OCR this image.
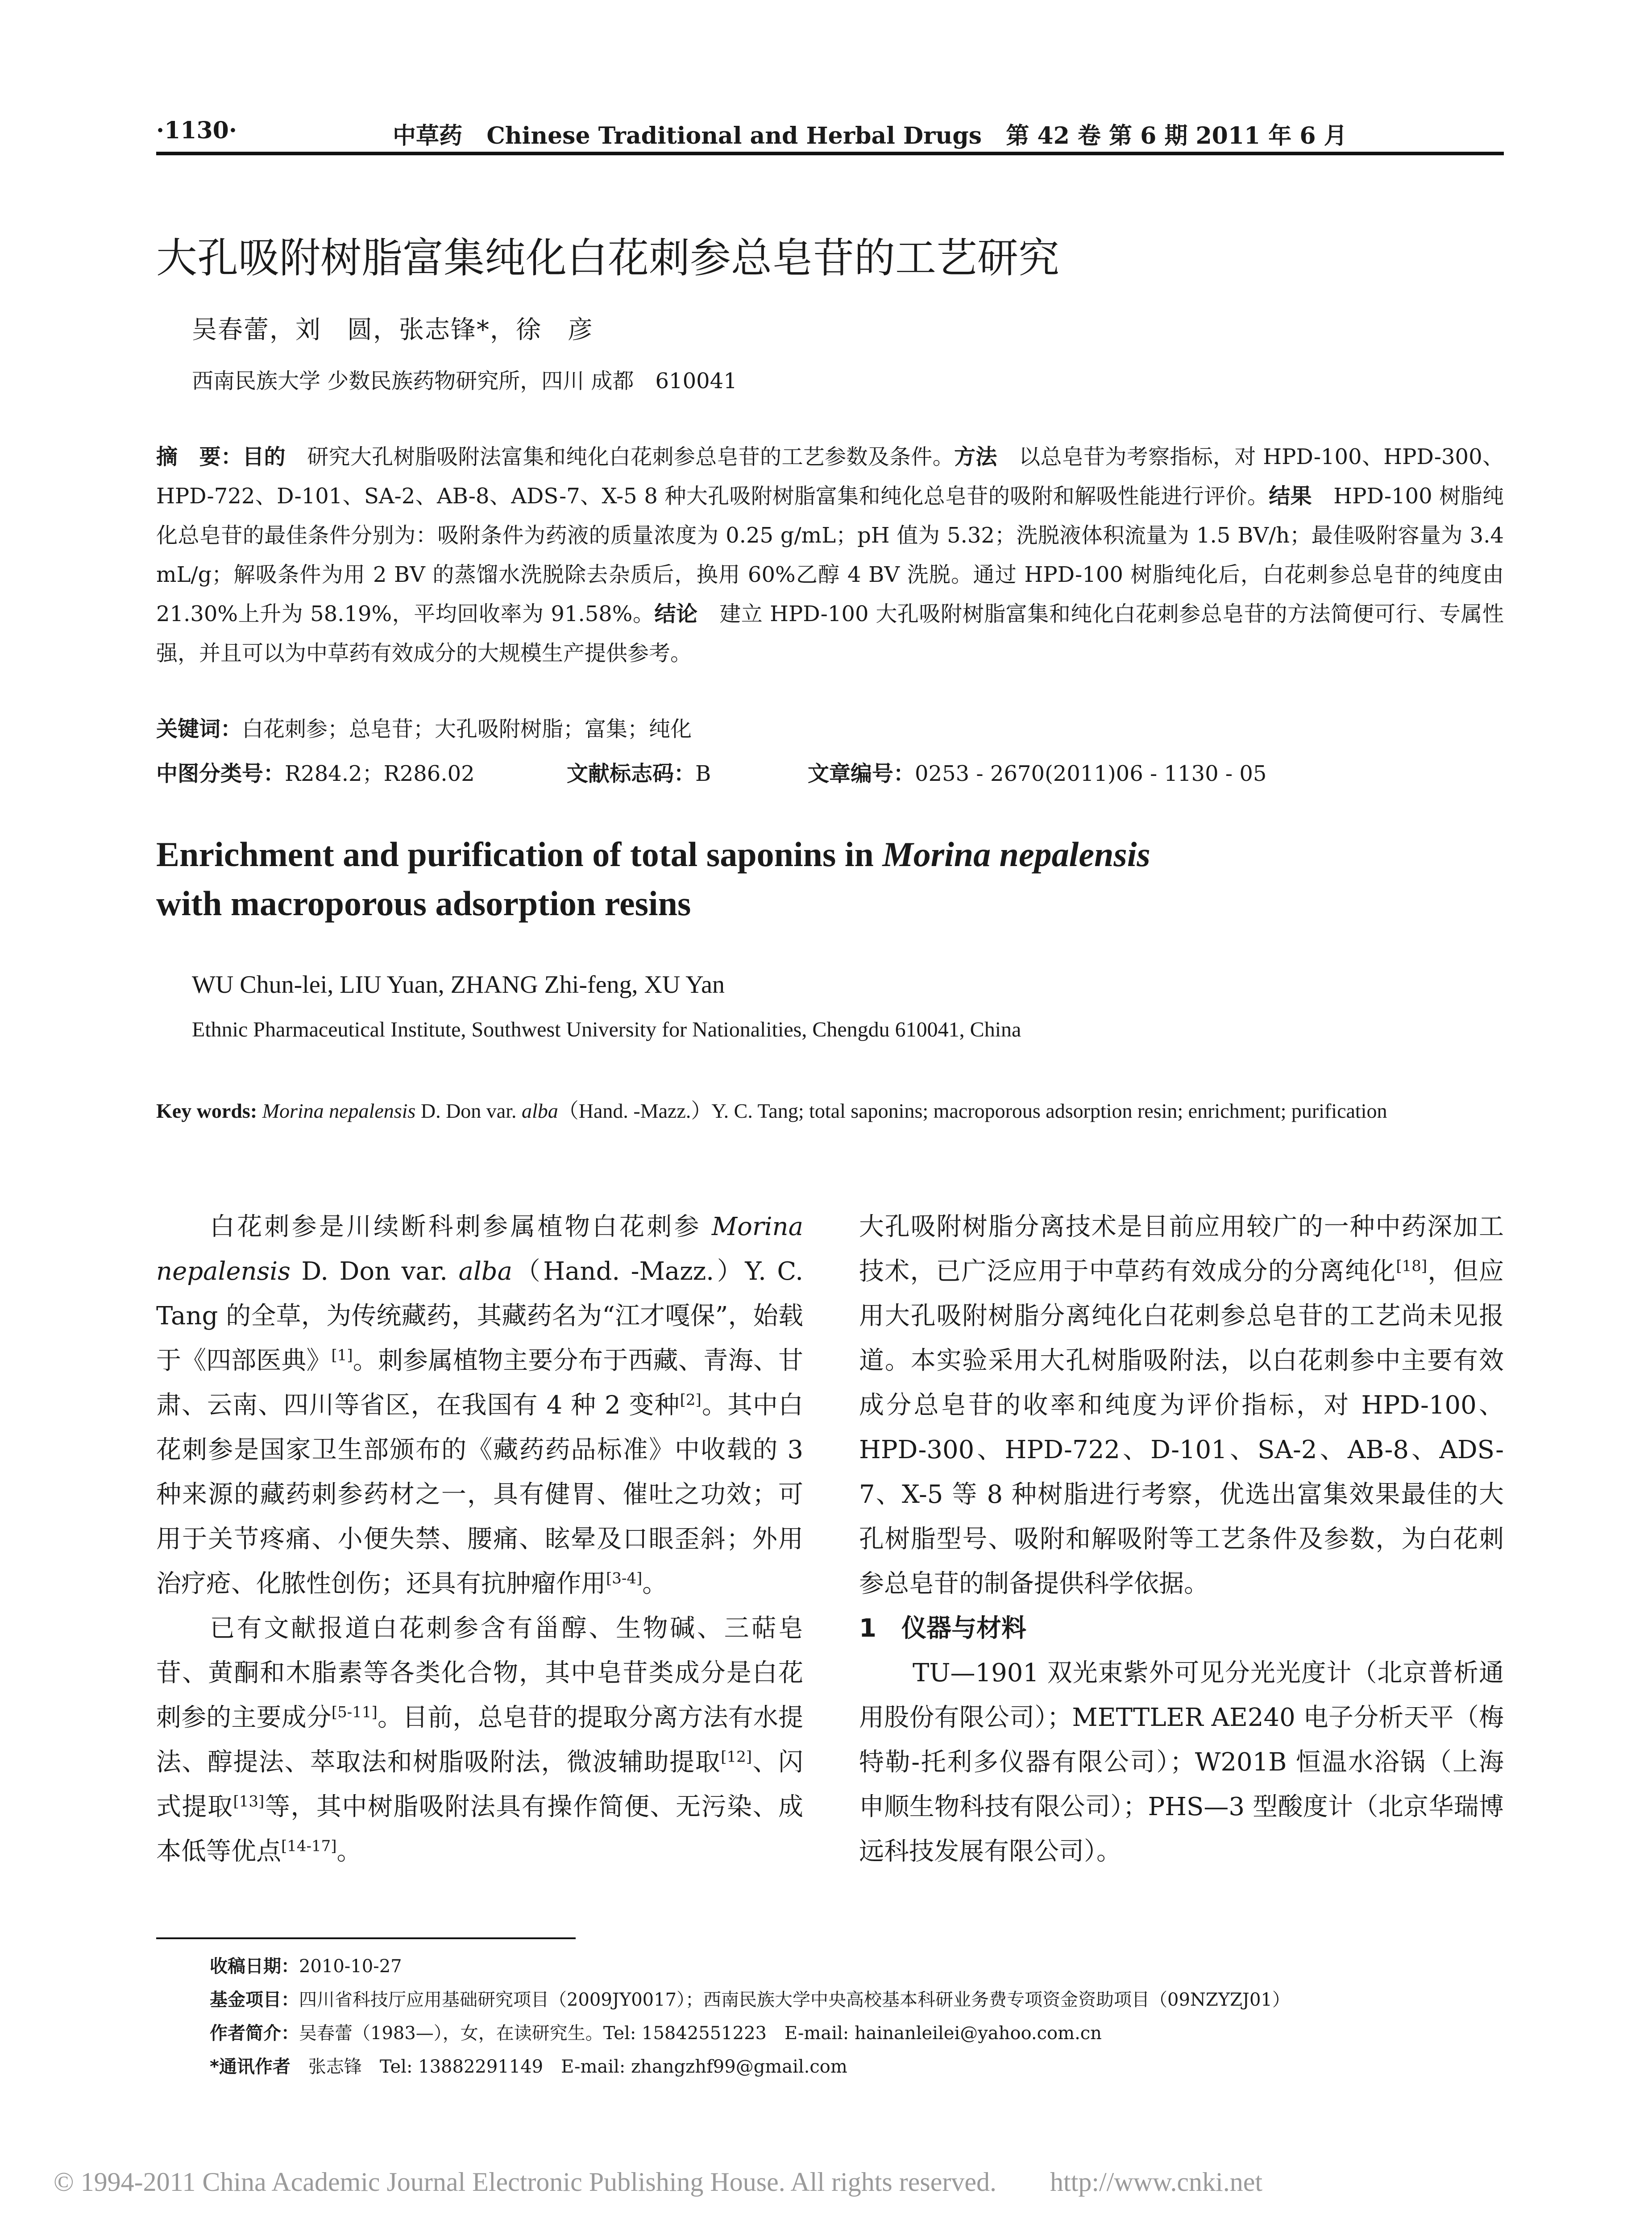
·1130·	中草药 Chinese Traditional and Herbal Drugs 第 42 卷 第 6 期 2011 年 6 月
大孔吸附树脂富集纯化白花刺参总皂苷的工艺研究
吴春蕾，刘　圆，张志锋*，徐　彦
西南民族大学 少数民族药物研究所，四川 成都　610041
摘　要：目的　研究大孔树脂吸附法富集和纯化白花刺参总皂苷的工艺参数及条件。方法　以总皂苷为考察指标，对 HPD-100、HPD-300、HPD-722、D-101、SA-2、AB-8、ADS-7、X-5 8 种大孔吸附树脂富集和纯化总皂苷的吸附和解吸性能进行评价。结果　HPD-100 树脂纯化总皂苷的最佳条件分别为：吸附条件为药液的质量浓度为 0.25 g/mL；pH 值为 5.32；洗脱液体积流量为 1.5 BV/h；最佳吸附容量为 3.4 mL/g；解吸条件为用 2 BV 的蒸馏水洗脱除去杂质后，换用 60%乙醇 4 BV 洗脱。通过 HPD-100 树脂纯化后，白花刺参总皂苷的纯度由 21.30%上升为 58.19%，平均回收率为 91.58%。结论　建立 HPD-100 大孔吸附树脂富集和纯化白花刺参总皂苷的方法简便可行、专属性强，并且可以为中草药有效成分的大规模生产提供参考。
关键词：白花刺参；总皂苷；大孔吸附树脂；富集；纯化
中图分类号：R284.2；R286.02	文献标志码：B	文章编号：0253 - 2670(2011)06 - 1130 - 05
Enrichment and purification of total saponins in Morina nepalensis
with macroporous adsorption resins
WU Chun-lei, LIU Yuan, ZHANG Zhi-feng, XU Yan
Ethnic Pharmaceutical Institute, Southwest University for Nationalities, Chengdu 610041, China
Key words: Morina nepalensis D. Don var. alba（Hand. -Mazz.）Y. C. Tang; total saponins; macroporous adsorption resin; enrichment; purification

白花刺参是川续断科刺参属植物白花刺参 Morina nepalensis D. Don var. alba（Hand. -Mazz.）Y. C. Tang 的全草，为传统藏药，其藏药名为“江才嘎保”，始载于《四部医典》[1]。刺参属植物主要分布于西藏、青海、甘肃、云南、四川等省区，在我国有 4 种 2 变种[2]。其中白花刺参是国家卫生部颁布的《藏药药品标准》中收载的 3 种来源的藏药刺参药材之一，具有健胃、催吐之功效；可用于关节疼痛、小便失禁、腰痛、眩晕及口眼歪斜；外用治疗疮、化脓性创伤；还具有抗肿瘤作用[3-4]。

已有文献报道白花刺参含有甾醇、生物碱、三萜皂苷、黄酮和木脂素等各类化合物，其中皂苷类成分是白花刺参的主要成分[5-11]。目前，总皂苷的提取分离方法有水提法、醇提法、萃取法和树脂吸附法，微波辅助提取[12]、闪式提取[13]等，其中树脂吸附法具有操作简便、无污染、成本低等优点[14-17]。

大孔吸附树脂分离技术是目前应用较广的一种中药深加工技术，已广泛应用于中草药有效成分的分离纯化[18]，但应用大孔吸附树脂分离纯化白花刺参总皂苷的工艺尚未见报道。本实验采用大孔树脂吸附法，以白花刺参中主要有效成分总皂苷的收率和纯度为评价指标，对 HPD-100、HPD-300、HPD-722、D-101、SA-2、AB-8、ADS-7、X-5 等 8 种树脂进行考察，优选出富集效果最佳的大孔树脂型号、吸附和解吸附等工艺条件及参数，为白花刺参总皂苷的制备提供科学依据。

1　仪器与材料

TU—1901 双光束紫外可见分光光度计（北京普析通用股份有限公司）；METTLER AE240 电子分析天平（梅特勒-托利多仪器有限公司）；W201B 恒温水浴锅（上海申顺生物科技有限公司）；PHS—3 型酸度计（北京华瑞博远科技发展有限公司）。

收稿日期：2010-10-27
基金项目：四川省科技厅应用基础研究项目（2009JY0017）；西南民族大学中央高校基本科研业务费专项资金资助项目（09NZYZJ01）
作者简介：吴春蕾（1983—），女，在读研究生。Tel: 15842551223　E-mail: hainanleilei@yahoo.com.cn
*通讯作者　张志锋　Tel: 13882291149　E-mail: zhangzhf99@gmail.com
© 1994-2011 China Academic Journal Electronic Publishing House. All rights reserved.　　http://www.cnki.net
